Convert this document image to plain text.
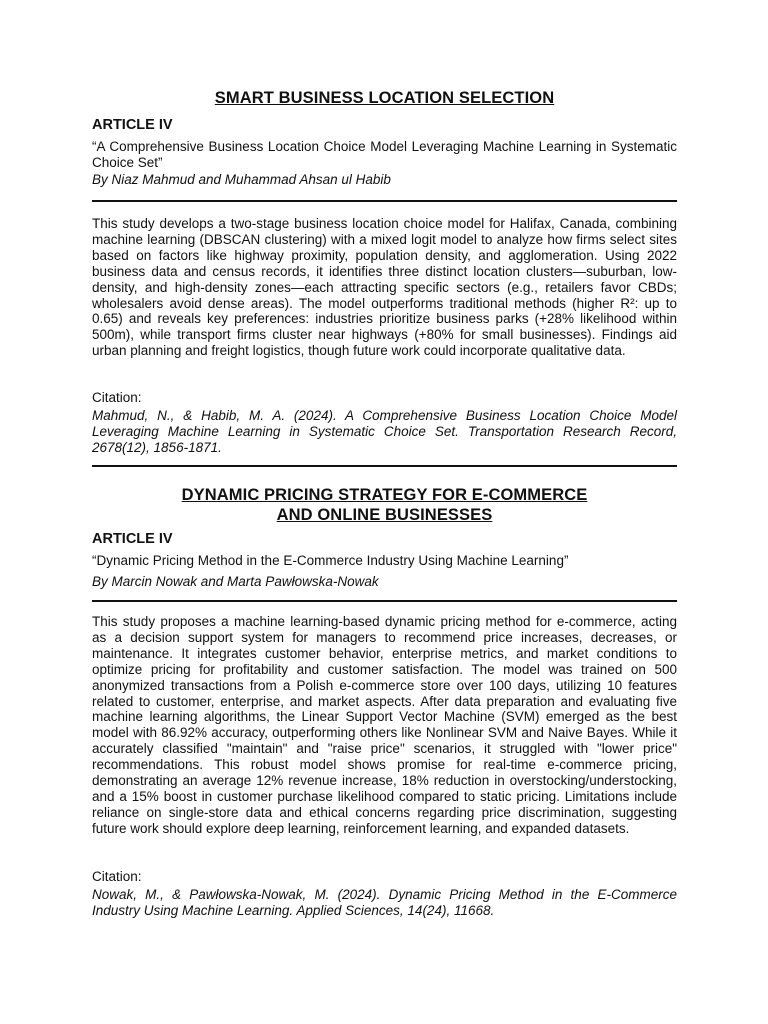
SMART BUSINESS LOCATION SELECTION

ARTICLE IV

“A Comprehensive Business Location Choice Model Leveraging Machine Learning in Systematic Choice Set”

By Niaz Mahmud and Muhammad Ahsan ul Habib

This study develops a two-stage business location choice model for Halifax, Canada, combining machine learning (DBSCAN clustering) with a mixed logit model to analyze how firms select sites based on factors like highway proximity, population density, and agglomeration. Using 2022 business data and census records, it identifies three distinct location clusters—suburban, low-density, and high-density zones—each attracting specific sectors (e.g., retailers favor CBDs; wholesalers avoid dense areas). The model outperforms traditional methods (higher R²: up to 0.65) and reveals key preferences: industries prioritize business parks (+28% likelihood within 500m), while transport firms cluster near highways (+80% for small businesses). Findings aid urban planning and freight logistics, though future work could incorporate qualitative data.

Citation:

Mahmud, N., & Habib, M. A. (2024). A Comprehensive Business Location Choice Model Leveraging Machine Learning in Systematic Choice Set. Transportation Research Record, 2678(12), 1856-1871.

DYNAMIC PRICING STRATEGY FOR E-COMMERCE

AND ONLINE BUSINESSES

ARTICLE IV

“Dynamic Pricing Method in the E-Commerce Industry Using Machine Learning”

By Marcin Nowak and Marta Pawłowska-Nowak

This study proposes a machine learning-based dynamic pricing method for e-commerce, acting as a decision support system for managers to recommend price increases, decreases, or maintenance. It integrates customer behavior, enterprise metrics, and market conditions to optimize pricing for profitability and customer satisfaction. The model was trained on 500 anonymized transactions from a Polish e-commerce store over 100 days, utilizing 10 features related to customer, enterprise, and market aspects. After data preparation and evaluating five machine learning algorithms, the Linear Support Vector Machine (SVM) emerged as the best model with 86.92% accuracy, outperforming others like Nonlinear SVM and Naive Bayes. While it accurately classified "maintain" and "raise price" scenarios, it struggled with "lower price" recommendations. This robust model shows promise for real-time e-commerce pricing, demonstrating an average 12% revenue increase, 18% reduction in overstocking/understocking, and a 15% boost in customer purchase likelihood compared to static pricing. Limitations include reliance on single-store data and ethical concerns regarding price discrimination, suggesting future work should explore deep learning, reinforcement learning, and expanded datasets.

Citation:

Nowak, M., & Pawłowska-Nowak, M. (2024). Dynamic Pricing Method in the E-Commerce Industry Using Machine Learning. Applied Sciences, 14(24), 11668.
